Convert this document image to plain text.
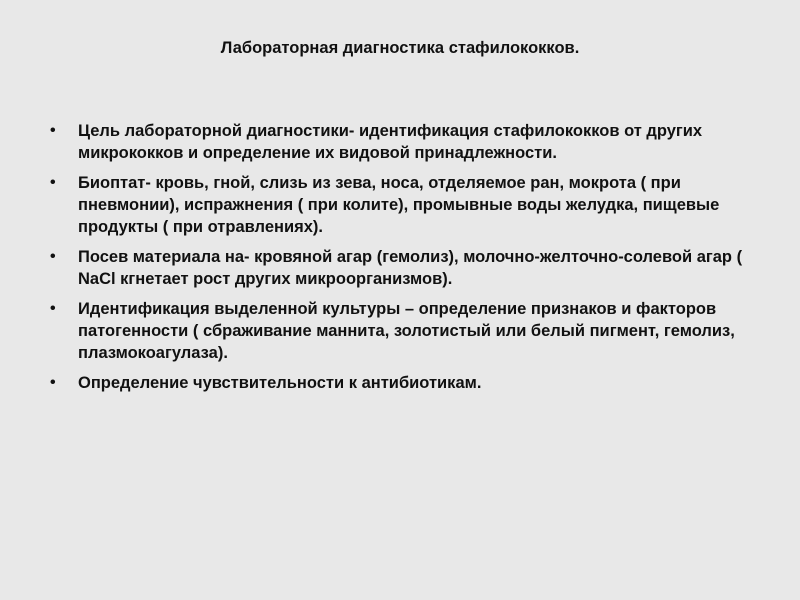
Лабораторная диагностика стафилококков.
• Цель лабораторной диагностики- идентификация стафилококков от других микрококков и определение их видовой принадлежности.
• Биоптат- кровь, гной, слизь из зева, носа, отделяемое ран, мокрота ( при пневмонии), испражнения ( при колите), промывные воды желудка, пищевые продукты ( при отравлениях).
• Посев материала на- кровяной агар (гемолиз), молочно-желточно-солевой агар ( NaCl кгнетает рост других микроорганизмов).
• Идентификация выделенной культуры – определение признаков и факторов патогенности ( сбраживание маннита, золотистый или белый пигмент, гемолиз, плазмокоагулаза).
• Определение чувствительности к антибиотикам.
